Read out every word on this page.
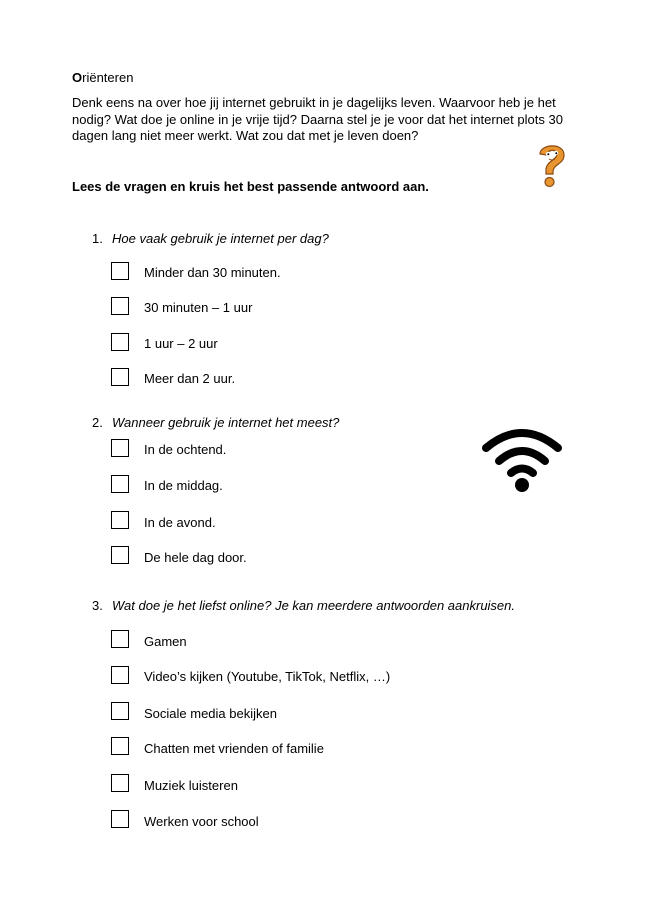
Oriënteren
Denk eens na over hoe jij internet gebruikt in je dagelijks leven. Waarvoor heb je het nodig? Wat doe je online in je vrije tijd? Daarna stel je je voor dat het internet plots 30 dagen lang niet meer werkt. Wat zou dat met je leven doen?
Lees de vragen en kruis het best passende antwoord aan.
1. Hoe vaak gebruik je internet per dag?
Minder dan 30 minuten.
30 minuten – 1 uur
1 uur – 2 uur
Meer dan 2 uur.
2. Wanneer gebruik je internet het meest?
In de ochtend.
In de middag.
In de avond.
De hele dag door.
3. Wat doe je het liefst online? Je kan meerdere antwoorden aankruisen.
Gamen
Video’s kijken (Youtube, TikTok, Netflix, …)
Sociale media bekijken
Chatten met vrienden of familie
Muziek luisteren
Werken voor school
